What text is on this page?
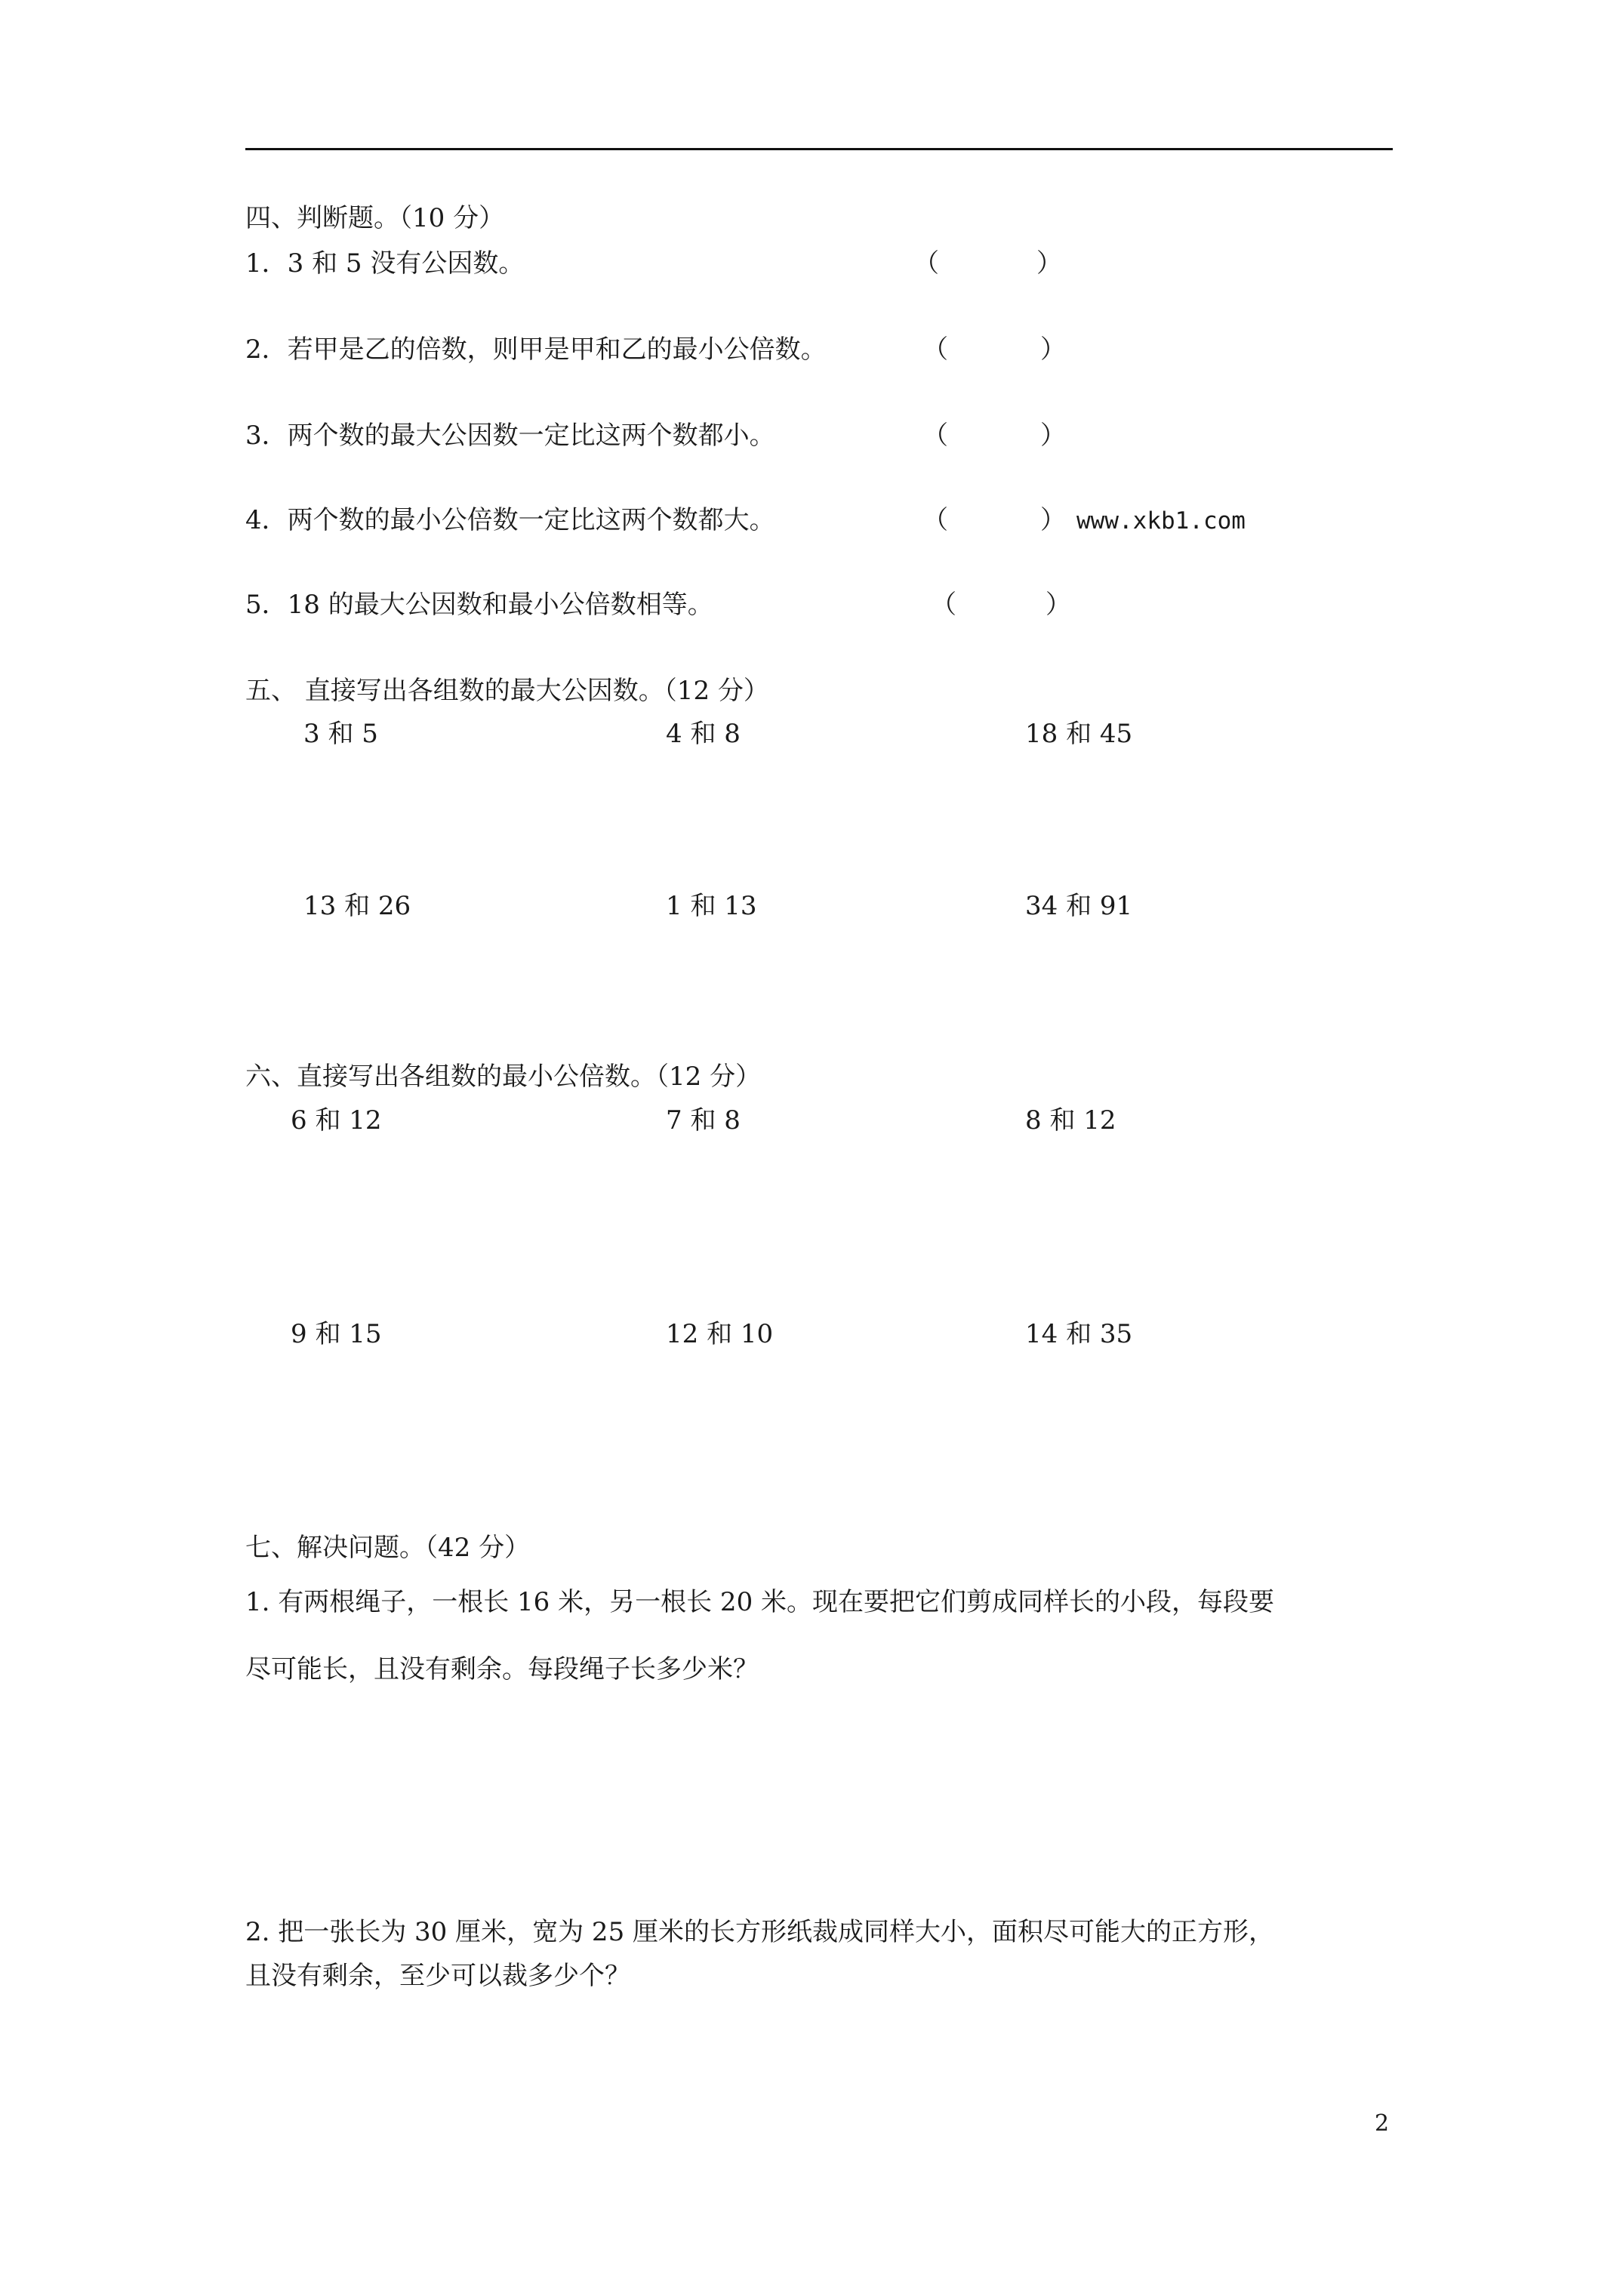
四、判断题。（10 分）
1．3 和 5 没有公因数。	（	）
2．若甲是乙的倍数，则甲是甲和乙的最小公倍数。	（	）
3．两个数的最大公因数一定比这两个数都小。	（	）
4．两个数的最小公倍数一定比这两个数都大。	（	） www.xkb1.com
5．18 的最大公因数和最小公倍数相等。	（	）
五、 直接写出各组数的最大公因数。（12 分）
3 和 5	4 和 8	18 和 45
13 和 26	1 和 13	34 和 91
六、直接写出各组数的最小公倍数。（12 分）
6 和 12	7 和 8	8 和 12
9 和 15	12 和 10	14 和 35
七、解决问题。（42 分）
1. 有两根绳子，一根长 16 米，另一根长 20 米。现在要把它们剪成同样长的小段，每段要
尽可能长，且没有剩余。每段绳子长多少米？
2. 把一张长为 30 厘米，宽为 25 厘米的长方形纸裁成同样大小，面积尽可能大的正方形，
且没有剩余，至少可以裁多少个？
2
